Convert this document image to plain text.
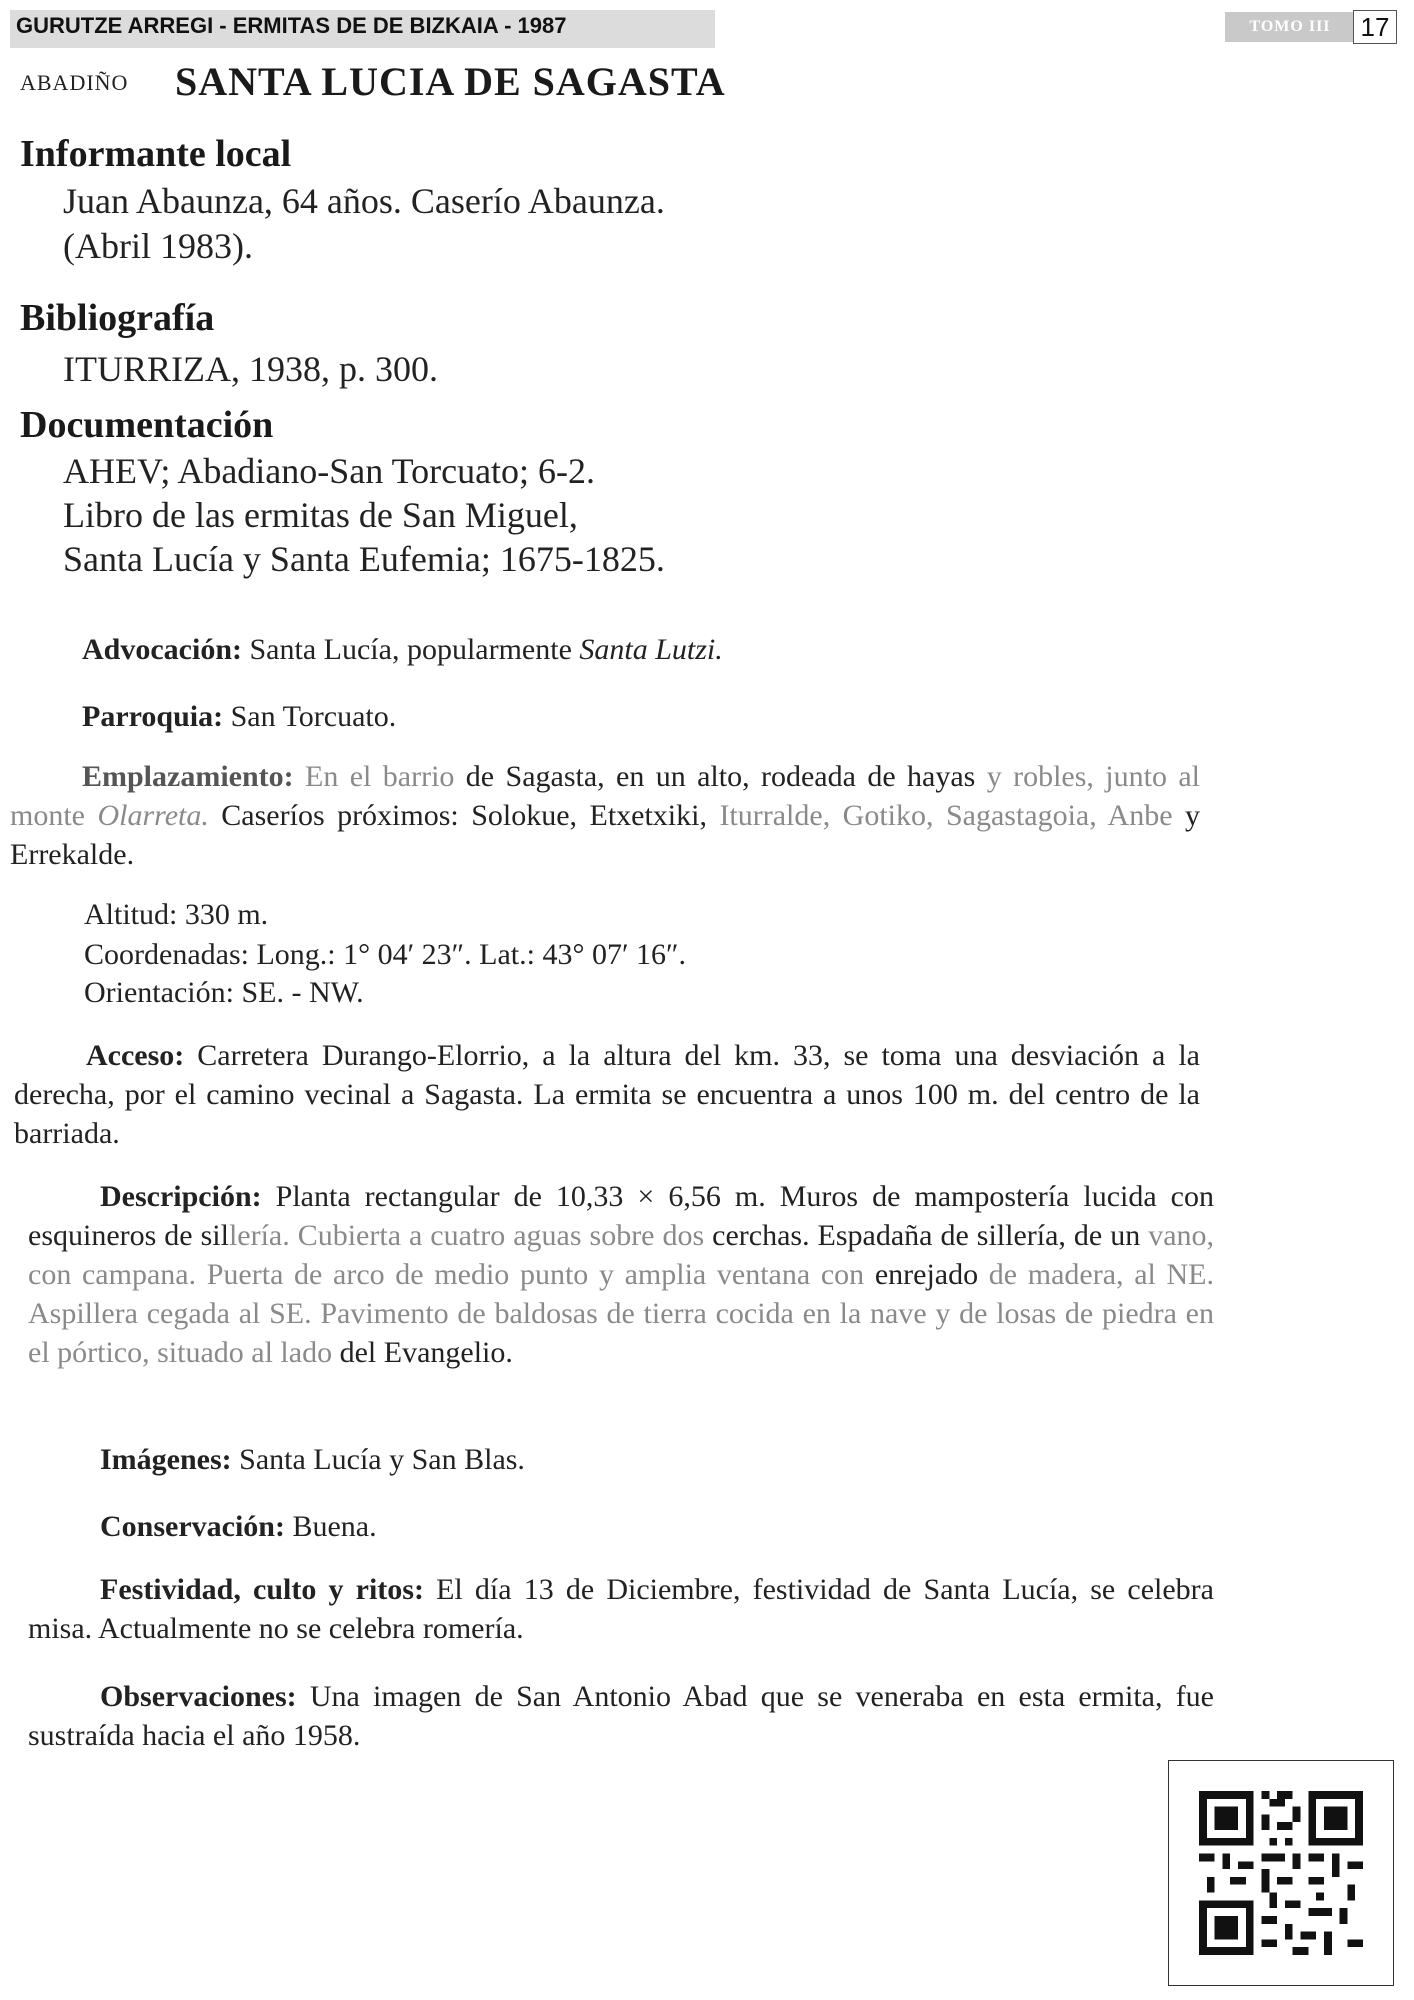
GURUTZE ARREGI - ERMITAS DE DE BIZKAIA - 1987	TOMO III	17
ABADIÑO SANTA LUCIA DE SAGASTA
Informante local
Juan Abaunza, 64 años. Caserío Abaunza.
(Abril 1983).
Bibliografía
ITURRIZA, 1938, p. 300.
Documentación
AHEV; Abadiano-San Torcuato; 6-2.
Libro de las ermitas de San Miguel,
Santa Lucía y Santa Eufemia; 1675-1825.

Advocación: Santa Lucía, popularmente Santa Lutzi.

Parroquia: San Torcuato.

Emplazamiento: En el barrio de Sagasta, en un alto, rodeada de hayas y robles, junto al monte Olarreta. Caseríos próximos: Solokue, Etxetxiki, Iturralde, Gotiko, Sagastagoia, Anbe y Errekalde.

Altitud: 330 m.
Coordenadas: Long.: 1° 04′ 23″. Lat.: 43° 07′ 16″.
Orientación: SE. - NW.

Acceso: Carretera Durango-Elorrio, a la altura del km. 33, se toma una desviación a la derecha, por el camino vecinal a Sagasta. La ermita se encuentra a unos 100 m. del centro de la barriada.

Descripción: Planta rectangular de 10,33 × 6,56 m. Muros de mampostería lucida con esquineros de sillería. Cubierta a cuatro aguas sobre dos cerchas. Espadaña de sillería, de un vano, con campana. Puerta de arco de medio punto y amplia ventana con enrejado de madera, al NE. Aspillera cegada al SE. Pavimento de baldosas de tierra cocida en la nave y de losas de piedra en el pórtico, situado al lado del Evangelio.

Imágenes: Santa Lucía y San Blas.

Conservación: Buena.

Festividad, culto y ritos: El día 13 de Diciembre, festividad de Santa Lucía, se celebra misa. Actualmente no se celebra romería.

Observaciones: Una imagen de San Antonio Abad que se veneraba en esta ermita, fue sustraída hacia el año 1958.
